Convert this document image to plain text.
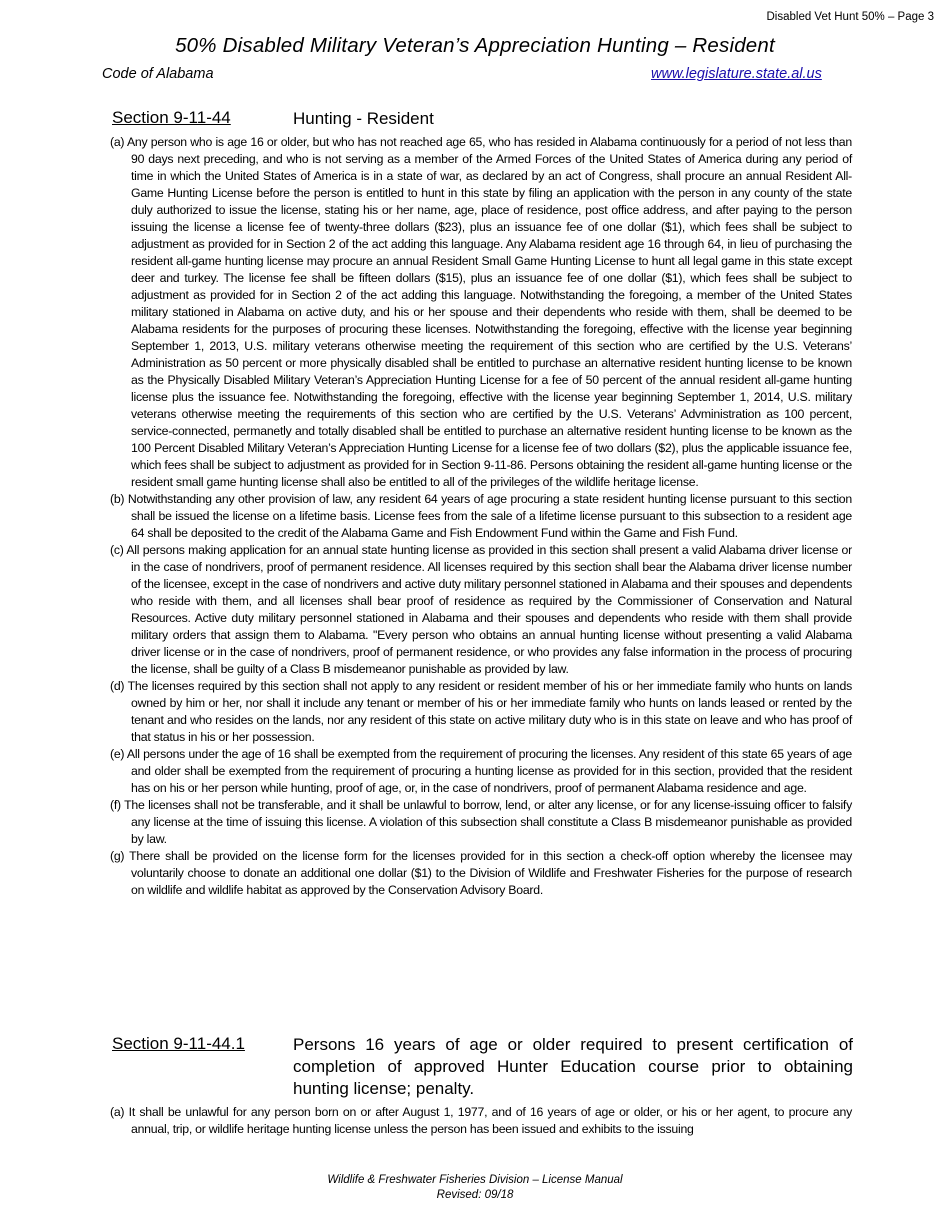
Disabled Vet Hunt 50% – Page 3
50% Disabled Military Veteran’s Appreciation Hunting – Resident
Code of Alabama	www.legislature.state.al.us
Section 9-11-44	Hunting - Resident

(a) Any person who is age 16 or older, but who has not reached age 65, who has resided in Alabama continuously for a period of not less than 90 days next preceding, and who is not serving as a member of the Armed Forces of the United States of America during any period of time in which the United States of America is in a state of war, as declared by an act of Congress, shall procure an annual Resident All-Game Hunting License before the person is entitled to hunt in this state by filing an application with the person in any county of the state duly authorized to issue the license, stating his or her name, age, place of residence, post office address, and after paying to the person issuing the license a license fee of twenty-three dollars ($23), plus an issuance fee of one dollar ($1), which fees shall be subject to adjustment as provided for in Section 2 of the act adding this language. Any Alabama resident age 16 through 64, in lieu of purchasing the resident all-game hunting license may procure an annual Resident Small Game Hunting License to hunt all legal game in this state except deer and turkey. The license fee shall be fifteen dollars ($15), plus an issuance fee of one dollar ($1), which fees shall be subject to adjustment as provided for in Section 2 of the act adding this language. Notwithstanding the foregoing, a member of the United States military stationed in Alabama on active duty, and his or her spouse and their dependents who reside with them, shall be deemed to be Alabama residents for the purposes of procuring these licenses. Notwithstanding the foregoing, effective with the license year beginning September 1, 2013, U.S. military veterans otherwise meeting the requirement of this section who are certified by the U.S. Veterans’ Administration as 50 percent or more physically disabled shall be entitled to purchase an alternative resident hunting license to be known as the Physically Disabled Military Veteran’s Appreciation Hunting License for a fee of 50 percent of the annual resident all-game hunting license plus the issuance fee. Notwithstanding the foregoing, effective with the license year beginning September 1, 2014, U.S. military veterans otherwise meeting the requirements of this section who are certified by the U.S. Veterans’ Advministration as 100 percent, service-connected, permanetly and totally disabled shall be entitled to purchase an alternative resident hunting license to be known as the 100 Percent Disabled Military Veteran’s Appreciation Hunting License for a license fee of two dollars ($2), plus the applicable issuance fee, which fees shall be subject to adjustment as provided for in Section 9-11-86. Persons obtaining the resident all-game hunting license or the resident small game hunting license shall also be entitled to all of the privileges of the wildlife heritage license.

(b) Notwithstanding any other provision of law, any resident 64 years of age procuring a state resident hunting license pursuant to this section shall be issued the license on a lifetime basis. License fees from the sale of a lifetime license pursuant to this subsection to a resident age 64 shall be deposited to the credit of the Alabama Game and Fish Endowment Fund within the Game and Fish Fund.

(c) All persons making application for an annual state hunting license as provided in this section shall present a valid Alabama driver license or in the case of nondrivers, proof of permanent residence. All licenses required by this section shall bear the Alabama driver license number of the licensee, except in the case of nondrivers and active duty military personnel stationed in Alabama and their spouses and dependents who reside with them, and all licenses shall bear proof of residence as required by the Commissioner of Conservation and Natural Resources. Active duty military personnel stationed in Alabama and their spouses and dependents who reside with them shall provide military orders that assign them to Alabama. "Every person who obtains an annual hunting license without presenting a valid Alabama driver license or in the case of nondrivers, proof of permanent residence, or who provides any false information in the process of procuring the license, shall be guilty of a Class B misdemeanor punishable as provided by law.

(d) The licenses required by this section shall not apply to any resident or resident member of his or her immediate family who hunts on lands owned by him or her, nor shall it include any tenant or member of his or her immediate family who hunts on lands leased or rented by the tenant and who resides on the lands, nor any resident of this state on active military duty who is in this state on leave and who has proof of that status in his or her possession.

(e) All persons under the age of 16 shall be exempted from the requirement of procuring the licenses. Any resident of this state 65 years of age and older shall be exempted from the requirement of procuring a hunting license as provided for in this section, provided that the resident has on his or her person while hunting, proof of age, or, in the case of nondrivers, proof of permanent Alabama residence and age.

(f) The licenses shall not be transferable, and it shall be unlawful to borrow, lend, or alter any license, or for any license-issuing officer to falsify any license at the time of issuing this license. A violation of this subsection shall constitute a Class B misdemeanor punishable as provided by law.

(g) There shall be provided on the license form for the licenses provided for in this section a check-off option whereby the licensee may voluntarily choose to donate an additional one dollar ($1) to the Division of Wildlife and Freshwater Fisheries for the purpose of research on wildlife and wildlife habitat as approved by the Conservation Advisory Board.

Section 9-11-44.1	Persons 16 years of age or older required to present certification of completion of approved Hunter Education course prior to obtaining hunting license; penalty.

(a) It shall be unlawful for any person born on or after August 1, 1977, and of 16 years of age or older, or his or her agent, to procure any annual, trip, or wildlife heritage hunting license unless the person has been issued and exhibits to the issuing

Wildlife & Freshwater Fisheries Division – License Manual
Revised: 09/18
